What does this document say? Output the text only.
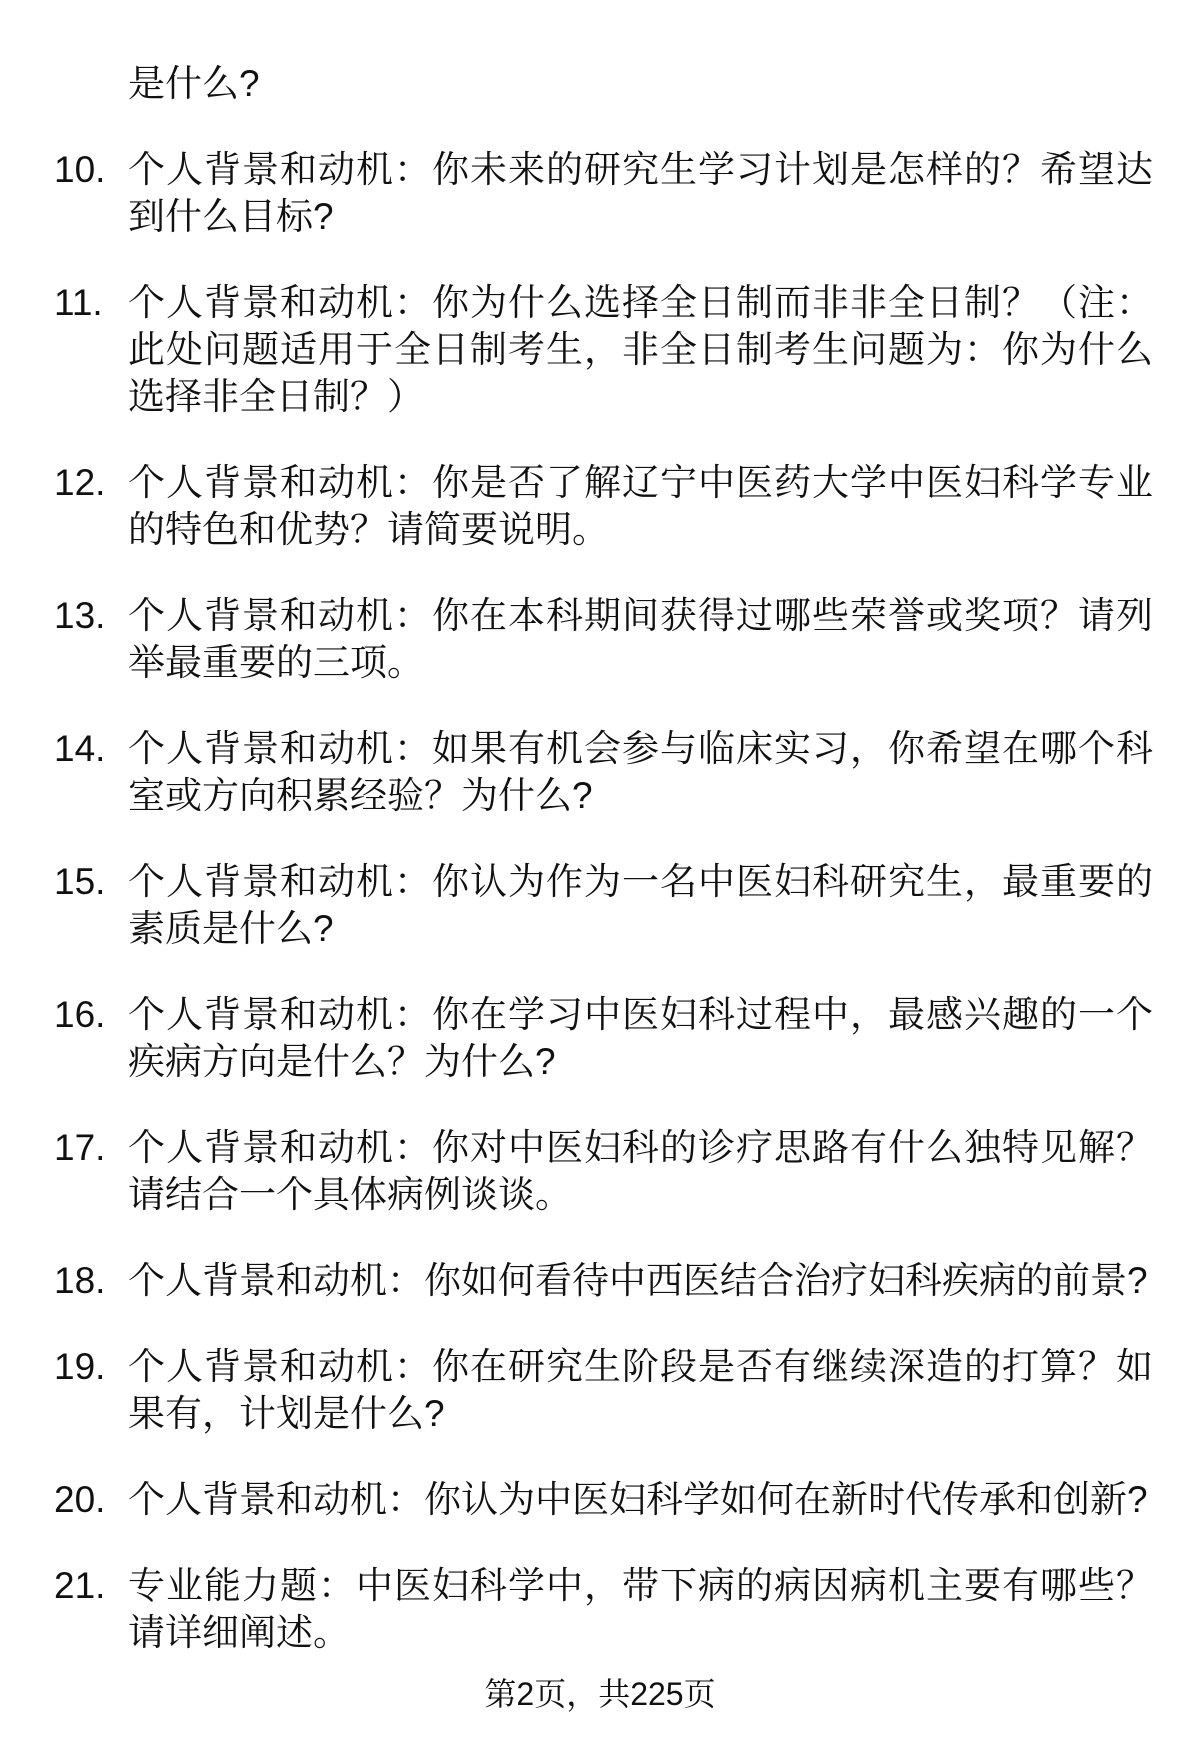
是什么?
10. 个人背景和动机：你未来的研究生学习计划是怎样的？希望达到什么目标?
11. 个人背景和动机：你为什么选择全日制而非非全日制？（注：此处问题适用于全日制考生，非全日制考生问题为：你为什么选择非全日制？）
12. 个人背景和动机：你是否了解辽宁中医药大学中医妇科学专业的特色和优势？请简要说明。
13. 个人背景和动机：你在本科期间获得过哪些荣誉或奖项？请列举最重要的三项。
14. 个人背景和动机：如果有机会参与临床实习，你希望在哪个科室或方向积累经验？为什么?
15. 个人背景和动机：你认为作为一名中医妇科研究生，最重要的素质是什么?
16. 个人背景和动机：你在学习中医妇科过程中，最感兴趣的一个疾病方向是什么？为什么?
17. 个人背景和动机：你对中医妇科的诊疗思路有什么独特见解？请结合一个具体病例谈谈。
18. 个人背景和动机：你如何看待中西医结合治疗妇科疾病的前景?
19. 个人背景和动机：你在研究生阶段是否有继续深造的打算？如果有，计划是什么?
20. 个人背景和动机：你认为中医妇科学如何在新时代传承和创新?
21. 专业能力题：中医妇科学中，带下病的病因病机主要有哪些？请详细阐述。
第2页，共225页
